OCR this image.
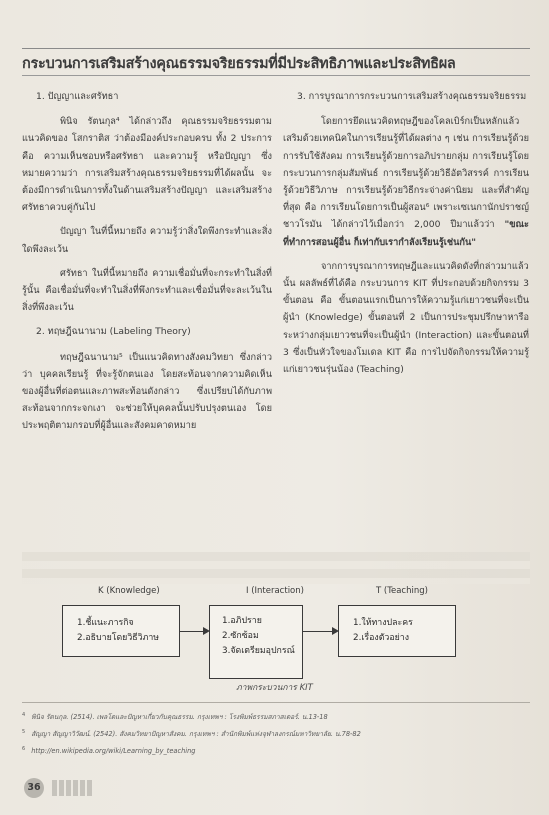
กระบวนการเสริมสร้างคุณธรรมจริยธรรมที่มีประสิทธิภาพและประสิทธิผล

1. ปัญญาและศรัทธา

พินิจ รัตนกุล⁴ ได้กล่าวถึง คุณธรรมจริยธรรมตามแนวคิดของ โสกราติส ว่าต้องมีองค์ประกอบครบ ทั้ง 2 ประการ คือ ความเห็นชอบหรือศรัทธา และความรู้ หรือปัญญา ซึ่งหมายความว่า การเสริมสร้างคุณธรรมจริยธรรมที่ได้ผลนั้น จะต้องมีการดำเนินการทั้งในด้านเสริมสร้างปัญญา และเสริมสร้างศรัทธาควบคู่กันไป

ปัญญา ในที่นี้หมายถึง ความรู้ว่าสิ่งใดพึงกระทำและสิ่งใดพึงละเว้น

ศรัทธา ในที่นี้หมายถึง ความเชื่อมั่นที่จะกระทำในสิ่งที่รู้นั้น คือเชื่อมั่นที่จะทำในสิ่งที่พึงกระทำและเชื่อมั่นที่จะละเว้นในสิ่งที่พึงละเว้น

2. ทฤษฎีฉนานาม (Labeling Theory)

ทฤษฎีฉนานาม⁵ เป็นแนวคิดทางสังคมวิทยา ซึ่งกล่าวว่า บุคคลเรียนรู้ ที่จะรู้จักตนเอง โดยสะท้อนจากความคิดเห็นของผู้อื่นที่ต่อตนและภาพสะท้อนดังกล่าว ซึ่งเปรียบได้กับภาพสะท้อนจากกระจกเงา จะช่วยให้บุคคลนั้นปรับปรุงตนเอง โดยประพฤติตามกรอบที่ผู้อื่นและสังคมคาดหมาย

3. การบูรณาการกระบวนการเสริมสร้างคุณธรรมจริยธรรม

โดยการยึดแนวคิดทฤษฎีของโคลเบิร์กเป็นหลักแล้วเสริมด้วยเทคนิคในการเรียนรู้ที่ได้ผลต่าง ๆ เช่น การเรียนรู้ด้วยการรับใช้สังคม การเรียนรู้ด้วยการอภิปรายกลุ่ม การเรียนรู้โดยกระบวนการกลุ่มสัมพันธ์ การเรียนรู้ด้วยวิธีอัตวิสรรค์ การเรียนรู้ด้วยวิธีวิภาษ การเรียนรู้ด้วยวิธีกระจ่างค่านิยม และที่สำคัญที่สุด คือ การเรียนโดยการเป็นผู้สอน⁶ เพราะเซเนกานักปราชญ์ชาวโรมัน ได้กล่าวไว้เมื่อกว่า 2,000 ปีมาแล้วว่า "ขณะที่ทำการสอนผู้อื่น ก็เท่ากับเรากำลังเรียนรู้เช่นกัน"

จากการบูรณาการทฤษฎีและแนวคิดดังที่กล่าวมาแล้วนั้น ผลลัพธ์ที่ได้คือ กระบวนการ KIT ที่ประกอบด้วยกิจกรรม 3 ขั้นตอน คือ ขั้นตอนแรกเป็นการให้ความรู้แก่เยาวชนที่จะเป็นผู้นำ (Knowledge) ขั้นตอนที่ 2 เป็นการประชุมปรึกษาหารือระหว่างกลุ่มเยาวชนที่จะเป็นผู้นำ (Interaction) และขั้นตอนที่ 3 ซึ่งเป็นหัวใจของโมเดล KIT คือ การไปจัดกิจกรรมให้ความรู้แก่เยาวชนรุ่นน้อง (Teaching)

K (Knowledge)	I (Interaction)	T (Teaching)
1.ชี้แนะภารกิจ
2.อธิบายโดยวิธีวิภาษ
1.อภิปราย
2.ซักซ้อม
3.จัดเตรียมอุปกรณ์
1.ให้ทางปละคร
2.เรื่องตัวอย่าง
ภาพกระบวนการ KIT
$^4$ พินิจ รัตนกุล. (2514). เพลโตและปัญหาเกี่ยวกับคุณธรรม. กรุงเทพฯ : โรงพิมพ์ธรรมสภาสเตอร์. น.13-18
$^5$ สัญญา สัญญาวิวัฒน์. (2542). สังคมวิทยาปัญหาสังคม. กรุงเทพฯ : สำนักพิมพ์แห่งจุฬาลงกรณ์มหาวิทยาลัย. น.78-82
$^6$ http://en.wikipedia.org/wiki/Learning_by_teaching
36
